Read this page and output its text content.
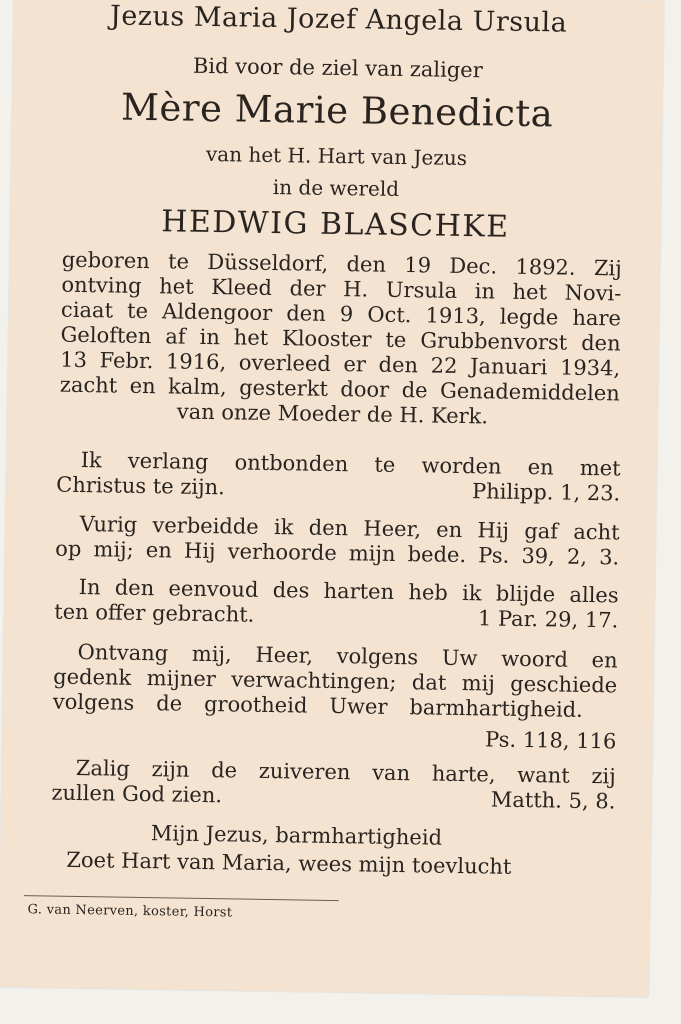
Jezus Maria Jozef Angela Ursula
Bid voor de ziel van zaliger
Mère Marie Benedicta
van het H. Hart van Jezus
in de wereld
HEDWIG BLASCHKE
geboren te Düsseldorf, den 19 Dec. 1892. Zij
ontving het Kleed der H. Ursula in het Novi-
ciaat te Aldengoor den 9 Oct. 1913, legde hare
Geloften af in het Klooster te Grubbenvorst den
13 Febr. 1916, overleed er den 22 Januari 1934,
zacht en kalm, gesterkt door de Genademiddelen
van onze Moeder de H. Kerk.
Ik verlang ontbonden te worden en met
Christus te zijn.	Philipp. 1, 23.
Vurig verbeidde ik den Heer, en Hij gaf acht
op mij; en Hij verhoorde mijn bede. Ps. 39, 2, 3.
In den eenvoud des harten heb ik blijde alles
ten offer gebracht.	1 Par. 29, 17.
Ontvang mij, Heer, volgens Uw woord en
gedenk mijner verwachtingen; dat mij geschiede
volgens de grootheid Uwer barmhartigheid.
Ps. 118, 116
Zalig zijn de zuiveren van harte, want zij
zullen God zien.	Matth. 5, 8.
Mijn Jezus, barmhartigheid
Zoet Hart van Maria, wees mijn toevlucht
G. van Neerven, koster, Horst
